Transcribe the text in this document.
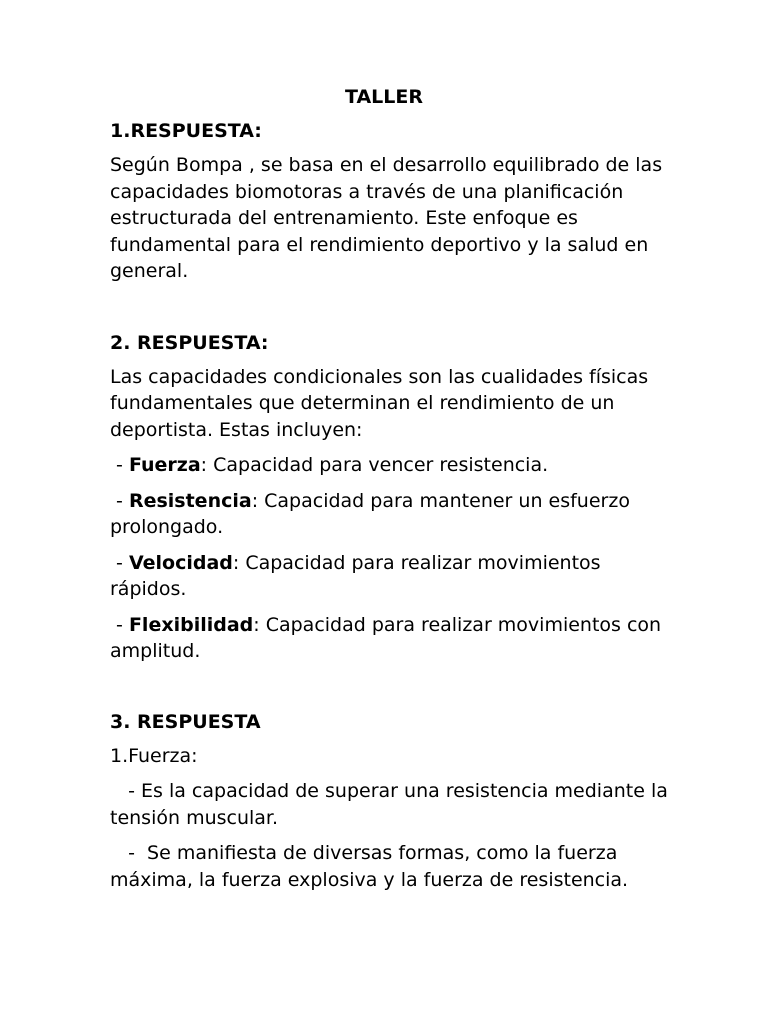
TALLER
1.RESPUESTA:
Según Bompa , se basa en el desarrollo equilibrado de las capacidades biomotoras a través de una planificación estructurada del entrenamiento. Este enfoque es fundamental para el rendimiento deportivo y la salud en general.
2. RESPUESTA:
Las capacidades condicionales son las cualidades físicas fundamentales que determinan el rendimiento de un deportista. Estas incluyen:
- Fuerza: Capacidad para vencer resistencia.
- Resistencia: Capacidad para mantener un esfuerzo prolongado.
- Velocidad: Capacidad para realizar movimientos rápidos.
- Flexibilidad: Capacidad para realizar movimientos con amplitud.
3. RESPUESTA
1.Fuerza:
- Es la capacidad de superar una resistencia mediante la tensión muscular.
-  Se manifiesta de diversas formas, como la fuerza máxima, la fuerza explosiva y la fuerza de resistencia.
